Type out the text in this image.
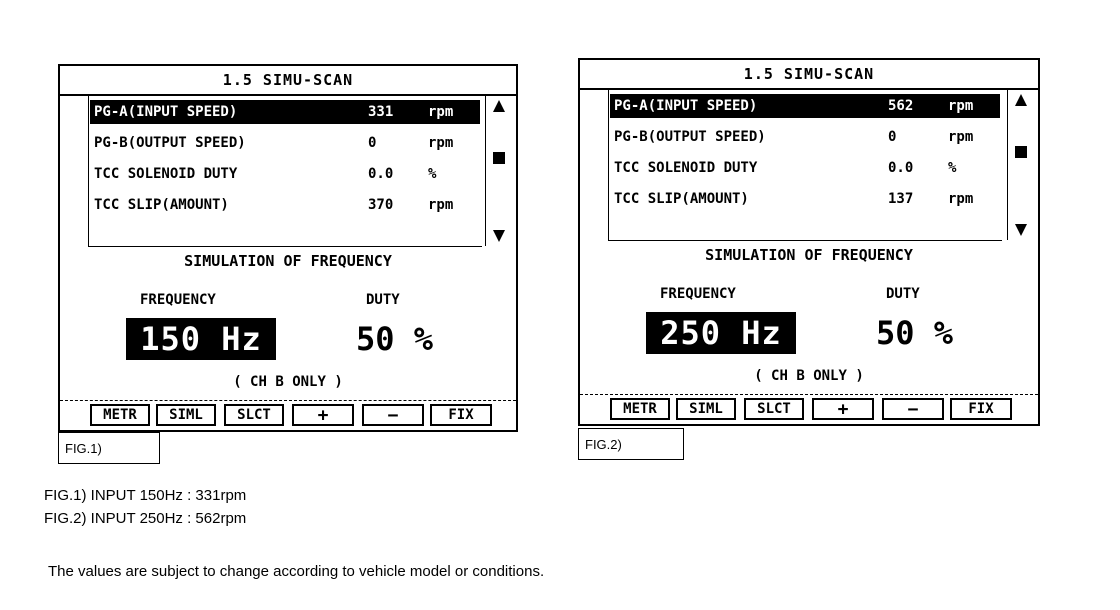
1.5 SIMU-SCAN
PG-A(INPUT SPEED)	331 rpm
PG-B(OUTPUT SPEED)	0	rpm
TCC SOLENOID DUTY	0.0 %
TCC SLIP(AMOUNT)	370 rpm
SIMULATION OF FREQUENCY
FREQUENCY	DUTY
150 Hz	50 %
( CH B ONLY )
METR	SIML	SLCT	+	−	FIX
FIG.1)
1.5 SIMU-SCAN
PG-A(INPUT SPEED)	562 rpm
PG-B(OUTPUT SPEED)	0	rpm
TCC SOLENOID DUTY	0.0 %
TCC SLIP(AMOUNT)	137 rpm
SIMULATION OF FREQUENCY
FREQUENCY	DUTY
250 Hz	50 %
( CH B ONLY )
METR	SIML	SLCT	+	−	FIX
FIG.2)
FIG.1) INPUT 150Hz : 331rpm
FIG.2) INPUT 250Hz : 562rpm
The values are subject to change according to vehicle model or conditions.
